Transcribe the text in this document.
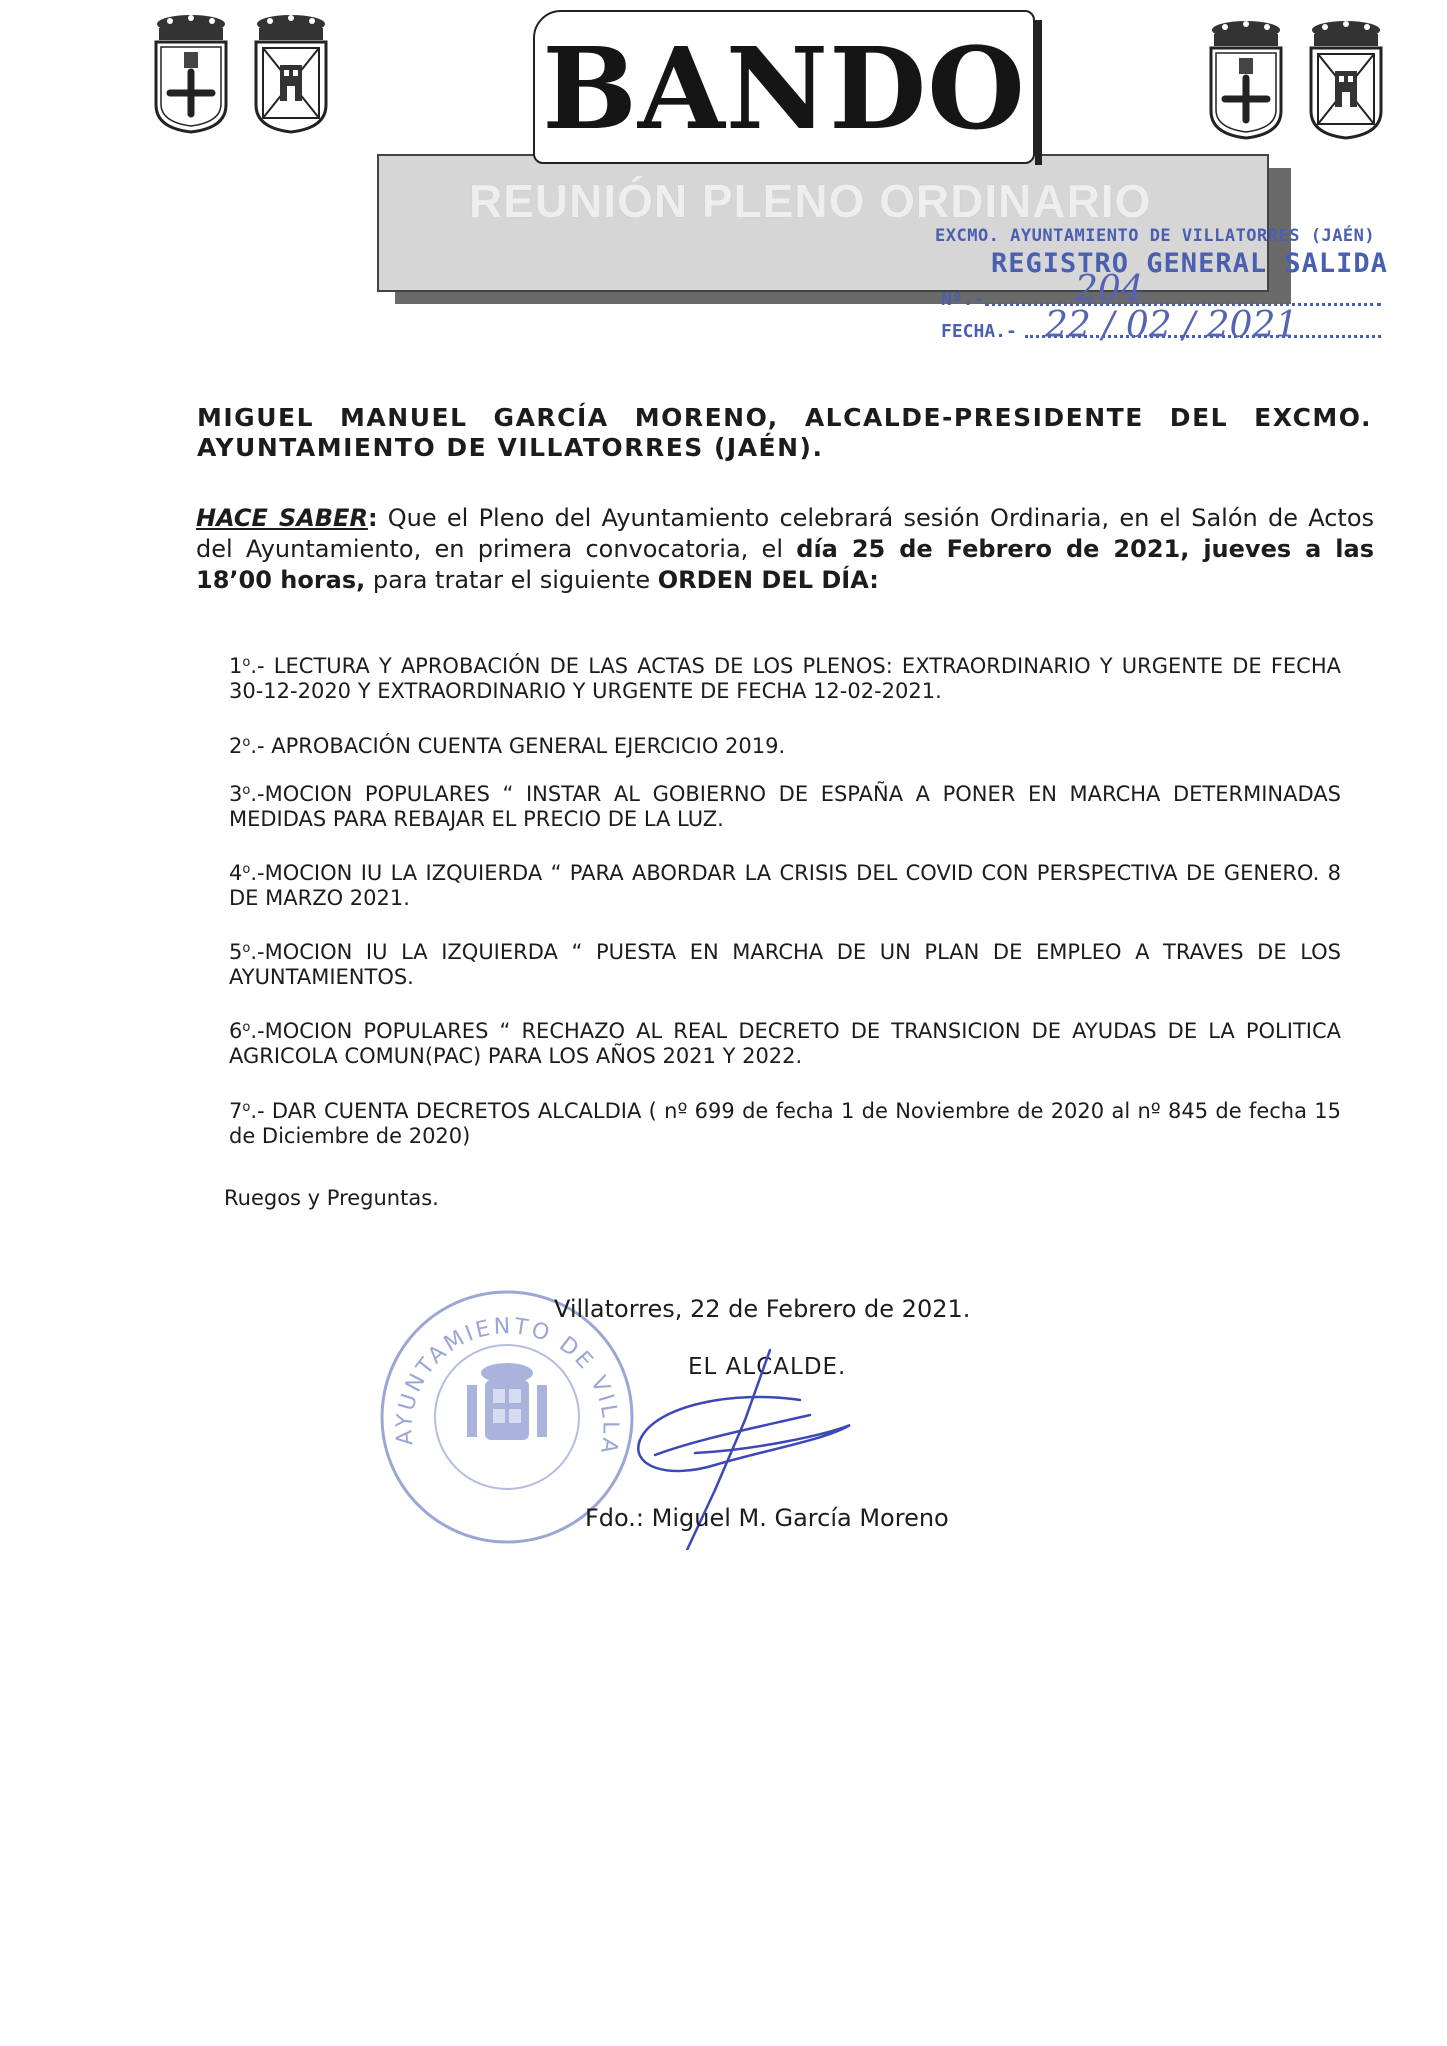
REUNIÓN PLENO ORDINARIO
BANDO
EXCMO. AYUNTAMIENTO DE VILLATORRES (JAÉN)
REGISTRO GENERAL SALIDA
Nº.-	204
FECHA.- 22 / 02 / 2021
MIGUEL MANUEL GARCÍA MORENO, ALCALDE-PRESIDENTE DEL EXCMO.
AYUNTAMIENTO DE VILLATORRES (JAÉN).
HACE SABER: Que el Pleno del Ayuntamiento celebrará sesión Ordinaria, en el Salón de Actos del Ayuntamiento, en primera convocatoria, el día 25 de Febrero de 2021, jueves a las 18’00 horas, para tratar el siguiente ORDEN DEL DÍA:
1$^o$.- LECTURA Y APROBACIÓN DE LAS ACTAS DE LOS PLENOS: EXTRAORDINARIO Y URGENTE DE FECHA 30-12-2020 Y EXTRAORDINARIO Y URGENTE DE FECHA 12-02-2021.
2$^o$.- APROBACIÓN CUENTA GENERAL EJERCICIO 2019.
3$^o$.-MOCION POPULARES “ INSTAR AL GOBIERNO DE ESPAÑA A PONER EN MARCHA DETERMINADAS MEDIDAS PARA REBAJAR EL PRECIO DE LA LUZ.
4$^o$.-MOCION IU LA IZQUIERDA “ PARA ABORDAR LA CRISIS DEL COVID CON PERSPECTIVA DE GENERO. 8 DE MARZO 2021.
5$^o$.-MOCION IU LA IZQUIERDA “ PUESTA EN MARCHA DE UN PLAN DE EMPLEO A TRAVES DE LOS AYUNTAMIENTOS.
6$^o$.-MOCION POPULARES “ RECHAZO AL REAL DECRETO DE TRANSICION DE AYUDAS DE LA POLITICA AGRICOLA COMUN(PAC) PARA LOS AÑOS 2021 Y 2022.
7$^o$.- DAR CUENTA DECRETOS ALCALDIA ( nº 699 de fecha 1 de Noviembre de 2020 al nº 845 de fecha 15 de Diciembre de 2020)
Ruegos y Preguntas.
AYUNTAMIENTO DE VILLA
Villatorres, 22 de Febrero de 2021.
EL ALCALDE.
Fdo.: Miguel M. García Moreno
